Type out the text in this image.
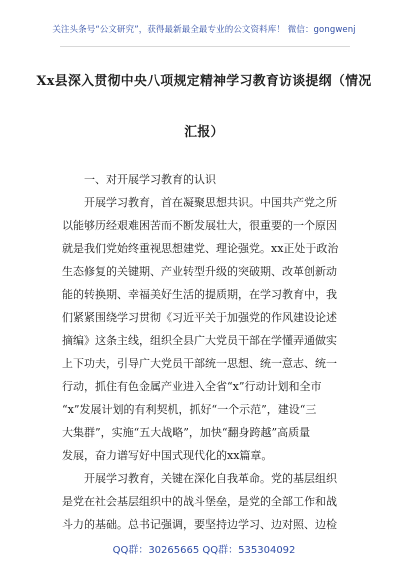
关注头条号“公文研究”，获得最新最全最专业的公文资料库！ 微信：gongwenj
Xx县深入贯彻中央八项规定精神学习教育访谈提纲（情况
汇报）
一、对开展学习教育的认识
开展学习教育，首在凝聚思想共识。中国共产党之所
以能够历经艰难困苦而不断发展壮大，很重要的一个原因
就是我们党始终重视思想建党、理论强党。xx正处于政治
生态修复的关键期、产业转型升级的突破期、改革创新动
能的转换期、幸福美好生活的提质期，在学习教育中，我
们紧紧围绕学习贯彻《习近平关于加强党的作风建设论述
摘编》这条主线，组织全县广大党员干部在学懂弄通做实
上下功夫，引导广大党员干部统一思想、统一意志、统一
行动，抓住有色金属产业进入全省“x”行动计划和全市
“x”发展计划的有利契机，抓好“一个示范”，建设“三
大集群”，实施“五大战略”，加快“翻身跨越”高质量
发展，奋力谱写好中国式现代化的xx篇章。
开展学习教育，关键在深化自我革命。党的基层组织
是党在社会基层组织中的战斗堡垒，是党的全部工作和战
斗力的基础。总书记强调，要坚持边学习、边对照、边检
QQ群：30265665 QQ群：535304092
